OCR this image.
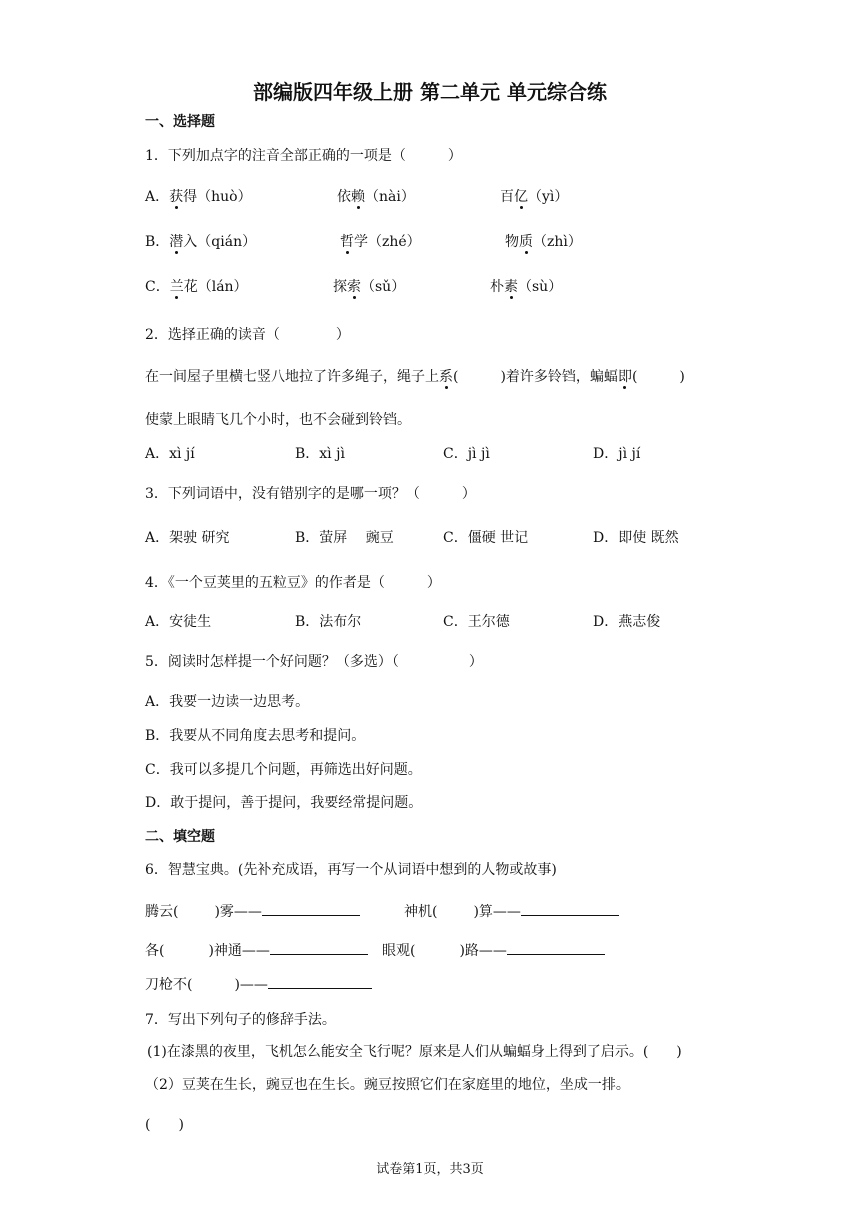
部编版四年级上册 第二单元 单元综合练
一、选择题
1．下列加点字的注音全部正确的一项是（　　　）
A．获得（huò）	依赖（nài）	百亿（yì）
B．潜入（qián）	哲学（zhé）	物质（zhì）
C．兰花（lán）	探索（sǔ）	朴素（sù）
2．选择正确的读音（　　　　）
在一间屋子里横七竖八地拉了许多绳子，绳子上系(　　　)着许多铃铛，蝙蝠即(　　　)
使蒙上眼睛飞几个小时，也不会碰到铃铛。
A．xì jí	B．xì jì	C．jì jì	D．jì jí
3．下列词语中，没有错别字的是哪一项？（　　　）
A．架驶 研究	B．萤屏　 豌豆	C．僵硬 世记	D．即使 既然
4．《一个豆荚里的五粒豆》的作者是（　　　）
A．安徒生	B．法布尔	C．王尔德	D．燕志俊
5．阅读时怎样提一个好问题？（多选）（　　　　　）
A．我要一边读一边思考。
B．我要从不同角度去思考和提问。
C．我可以多提几个问题，再筛选出好问题。
D．敢于提问，善于提问，我要经常提问题。
二、填空题
6．智慧宝典。(先补充成语，再写一个从词语中想到的人物或故事)
腾云(	)雾——	神机(	)算——
各(	)神通——	眼观(	)路——
刀枪不(	)——
7．写出下列句子的修辞手法。
(1)在漆黑的夜里，飞机怎么能安全飞行呢？原来是人们从蝙蝠身上得到了启示。(　　)
（2）豆荚在生长，豌豆也在生长。豌豆按照它们在家庭里的地位，坐成一排。
(　　)
试卷第1页，共3页
